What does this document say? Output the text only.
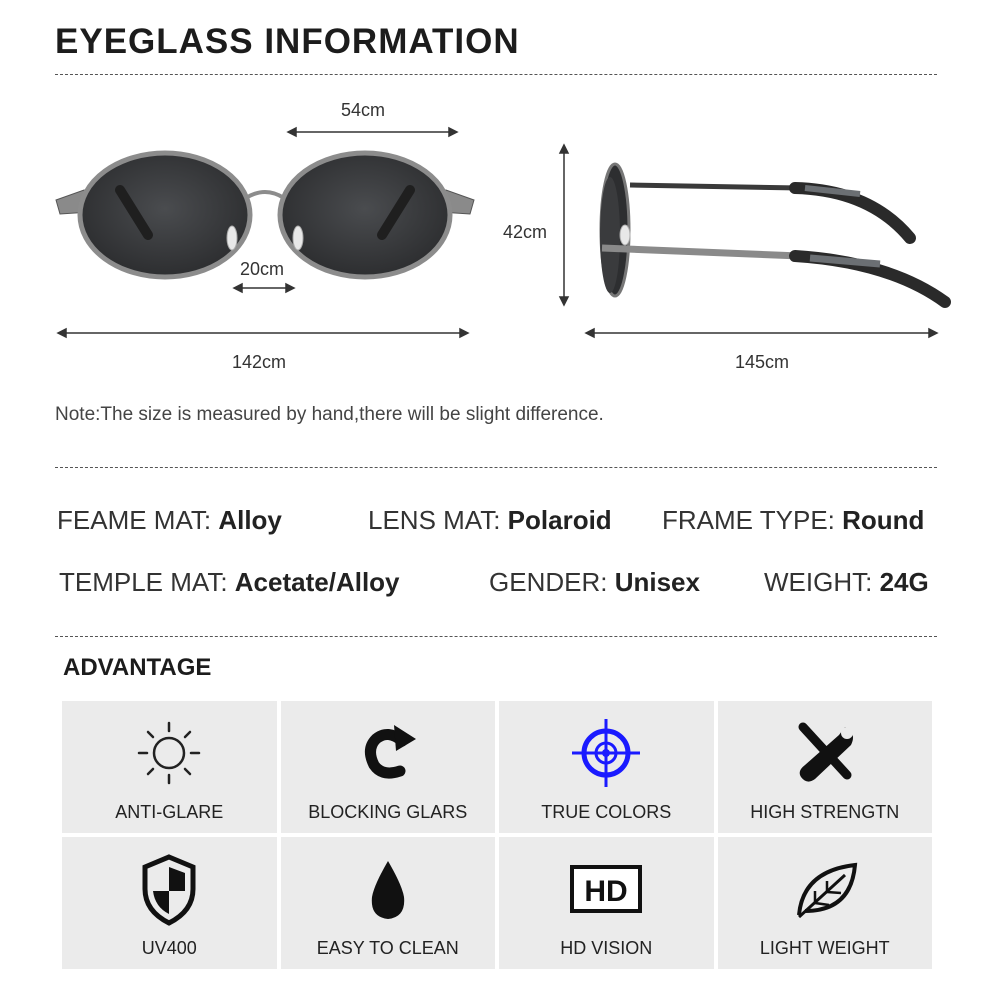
EYEGLASS INFORMATION
54cm
20cm
142cm
42cm
145cm
Note:The size is measured by hand,there will be slight difference.
FEAME MAT: Alloy	LENS MAT: Polaroid FRAME TYPE: Round
TEMPLE MAT: Acetate/Alloy	GENDER: Unisex WEIGHT: 24G
ADVANTAGE
ANTI-GLARE	BLOCKING GLARS	TRUE COLORS	HIGH STRENGTN
UV400	EASY TO CLEAN
HD
HD VISION	LIGHT WEIGHT
